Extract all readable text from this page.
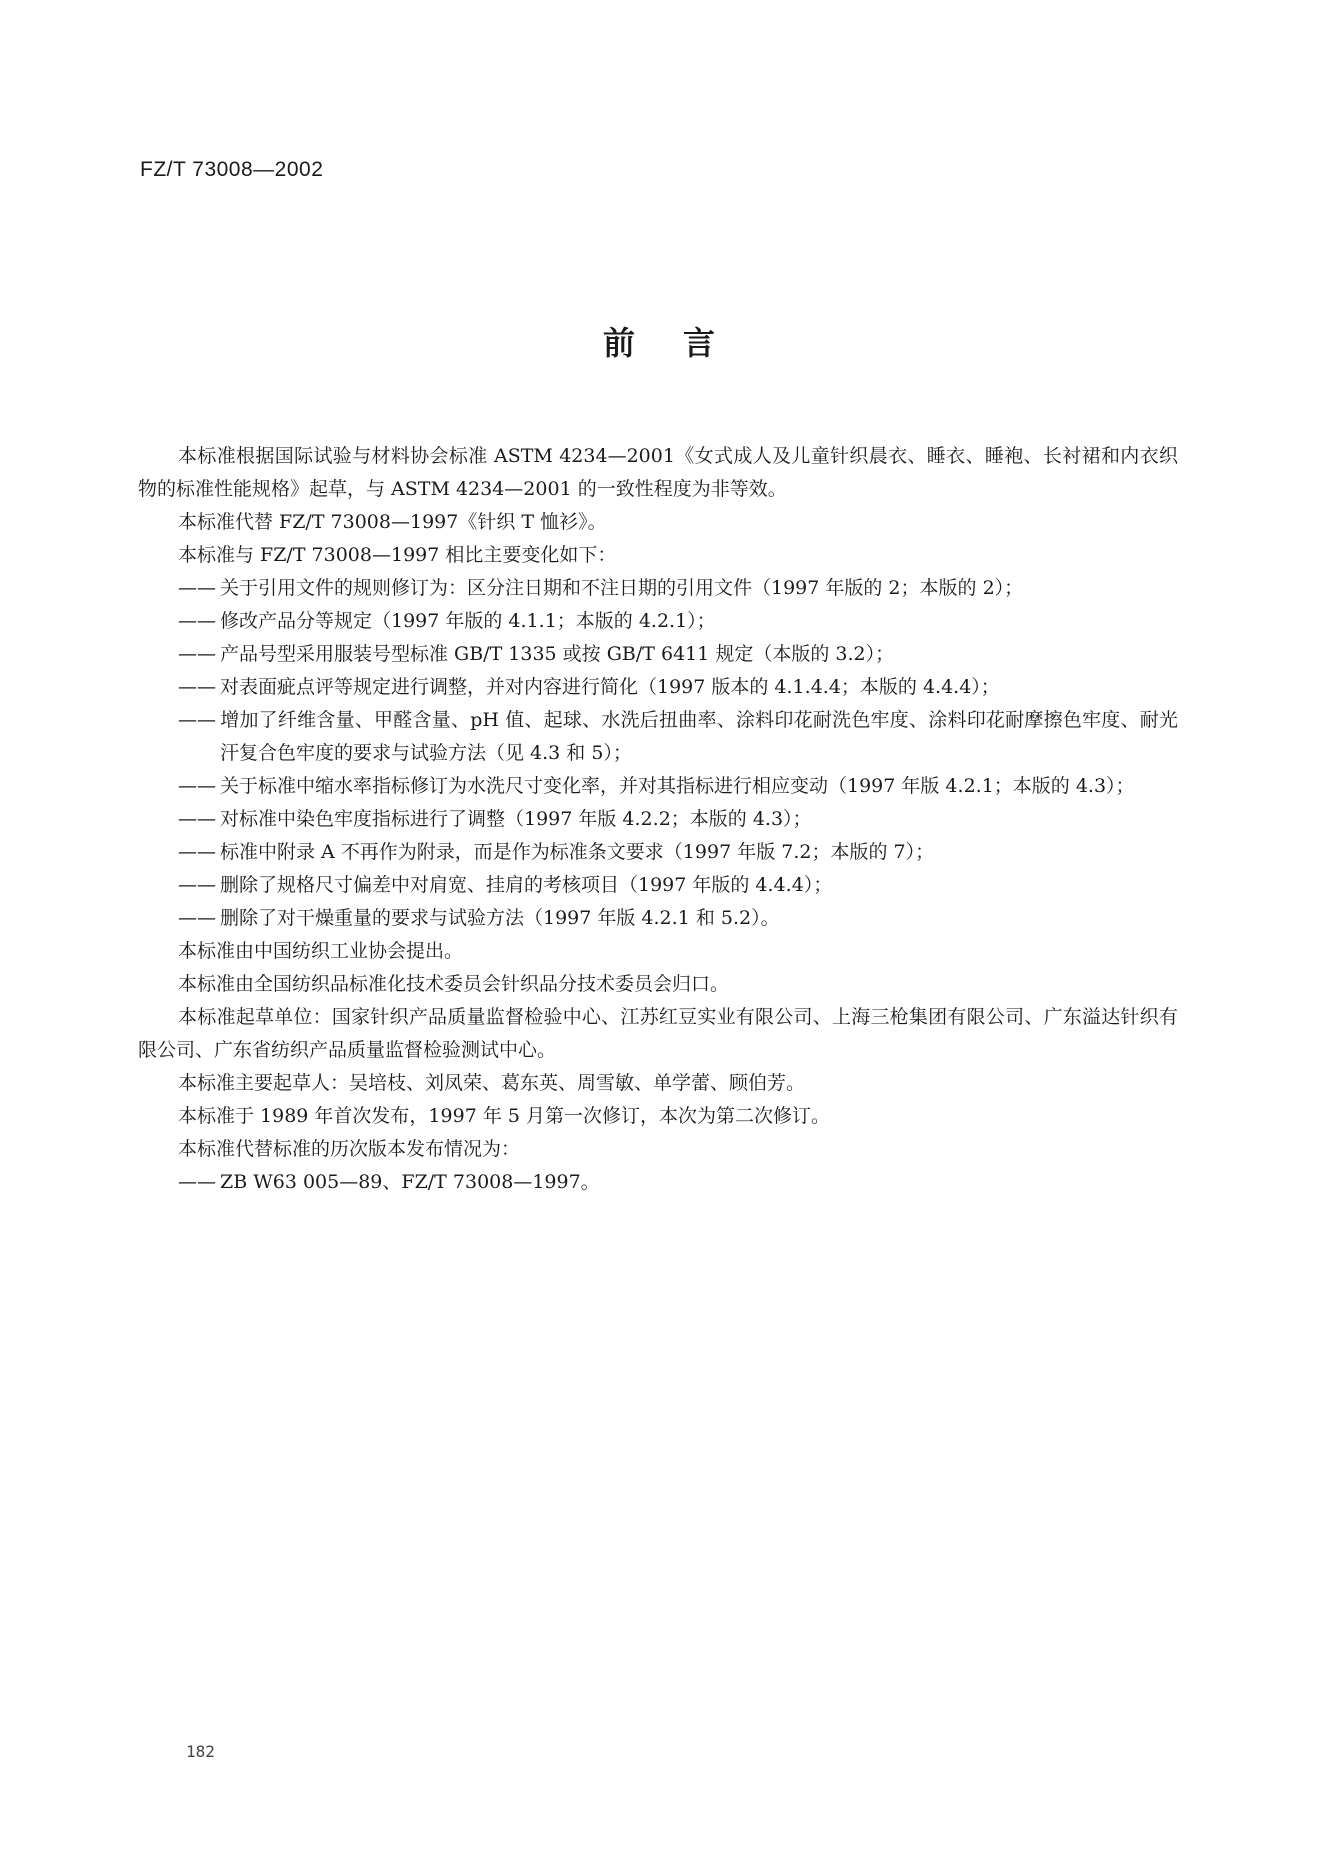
FZ/T 73008—2002
前言

本标准根据国际试验与材料协会标准 ASTM 4234—2001《女式成人及儿童针织晨衣、睡衣、睡袍、长衬裙和内衣织物的标准性能规格》起草，与 ASTM 4234—2001 的一致性程度为非等效。

本标准代替 FZ/T 73008—1997《针织 T 恤衫》。

本标准与 FZ/T 73008—1997 相比主要变化如下：

—— 关于引用文件的规则修订为：区分注日期和不注日期的引用文件（1997 年版的 2；本版的 2）；

—— 修改产品分等规定（1997 年版的 4.1.1；本版的 4.2.1）；

—— 产品号型采用服装号型标准 GB/T 1335 或按 GB/T 6411 规定（本版的 3.2）；

—— 对表面疵点评等规定进行调整，并对内容进行简化（1997 版本的 4.1.4.4；本版的 4.4.4）；

—— 增加了纤维含量、甲醛含量、pH 值、起球、水洗后扭曲率、涂料印花耐洗色牢度、涂料印花耐摩擦色牢度、耐光汗复合色牢度的要求与试验方法（见 4.3 和 5）；

—— 关于标准中缩水率指标修订为水洗尺寸变化率，并对其指标进行相应变动（1997 年版 4.2.1；本版的 4.3）；

—— 对标准中染色牢度指标进行了调整（1997 年版 4.2.2；本版的 4.3）；

—— 标准中附录 A 不再作为附录，而是作为标准条文要求（1997 年版 7.2；本版的 7）；

—— 删除了规格尺寸偏差中对肩宽、挂肩的考核项目（1997 年版的 4.4.4）；

—— 删除了对干燥重量的要求与试验方法（1997 年版 4.2.1 和 5.2）。

本标准由中国纺织工业协会提出。

本标准由全国纺织品标准化技术委员会针织品分技术委员会归口。

本标准起草单位：国家针织产品质量监督检验中心、江苏红豆实业有限公司、上海三枪集团有限公司、广东溢达针织有限公司、广东省纺织产品质量监督检验测试中心。

本标准主要起草人：吴培枝、刘凤荣、葛东英、周雪敏、单学蕾、顾伯芳。

本标准于 1989 年首次发布，1997 年 5 月第一次修订，本次为第二次修订。

本标准代替标准的历次版本发布情况为：

—— ZB W63 005—89、FZ/T 73008—1997。

182
